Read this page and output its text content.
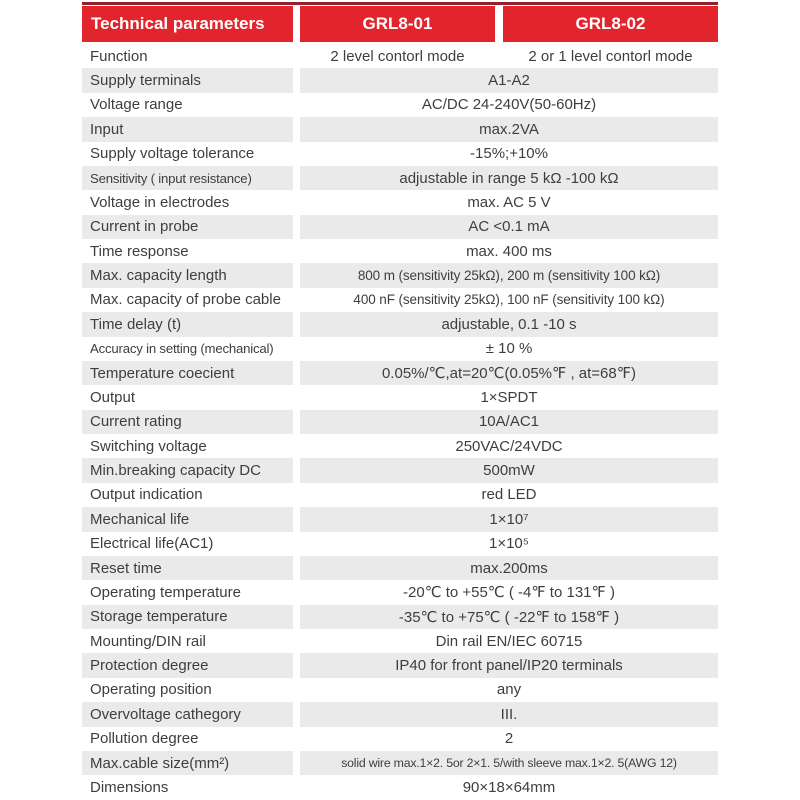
Technical parameters	GRL8-01	GRL8-02
Function	2 level contorl mode	2 or 1 level contorl mode
Supply terminals	A1-A2
Voltage range	AC/DC 24-240V(50-60Hz)
Input	max.2VA
Supply voltage tolerance	-15%;+10%
Sensitivity ( input resistance)	adjustable in range 5 kΩ -100 kΩ
Voltage in electrodes	max. AC 5 V
Current in probe	AC <0.1 mA
Time response	max. 400 ms
Max. capacity length	800 m (sensitivity 25kΩ), 200 m (sensitivity 100 kΩ)
Max. capacity of probe cable	400 nF (sensitivity 25kΩ), 100 nF (sensitivity 100 kΩ)
Time delay (t)	adjustable, 0.1 -10 s
Accuracy in setting (mechanical)	± 10 %
Temperature coecient	0.05%/℃,at=20℃(0.05%℉ , at=68℉)
Output	1×SPDT
Current rating	10A/AC1
Switching voltage	250VAC/24VDC
Min.breaking capacity DC	500mW
Output indication	red LED
Mechanical life	1×10⁷
Electrical life(AC1)	1×10⁵
Reset time	max.200ms
Operating temperature	-20℃ to +55℃ ( -4℉ to 131℉ )
Storage temperature	-35℃ to +75℃ ( -22℉ to 158℉ )
Mounting/DIN rail	Din rail EN/IEC 60715
Protection degree	IP40 for front panel/IP20 terminals
Operating position	any
Overvoltage cathegory	III.
Pollution degree	2
Max.cable size(mm²)	solid wire max.1×2. 5or 2×1. 5/with sleeve max.1×2. 5(AWG 12)
Dimensions	90×18×64mm
